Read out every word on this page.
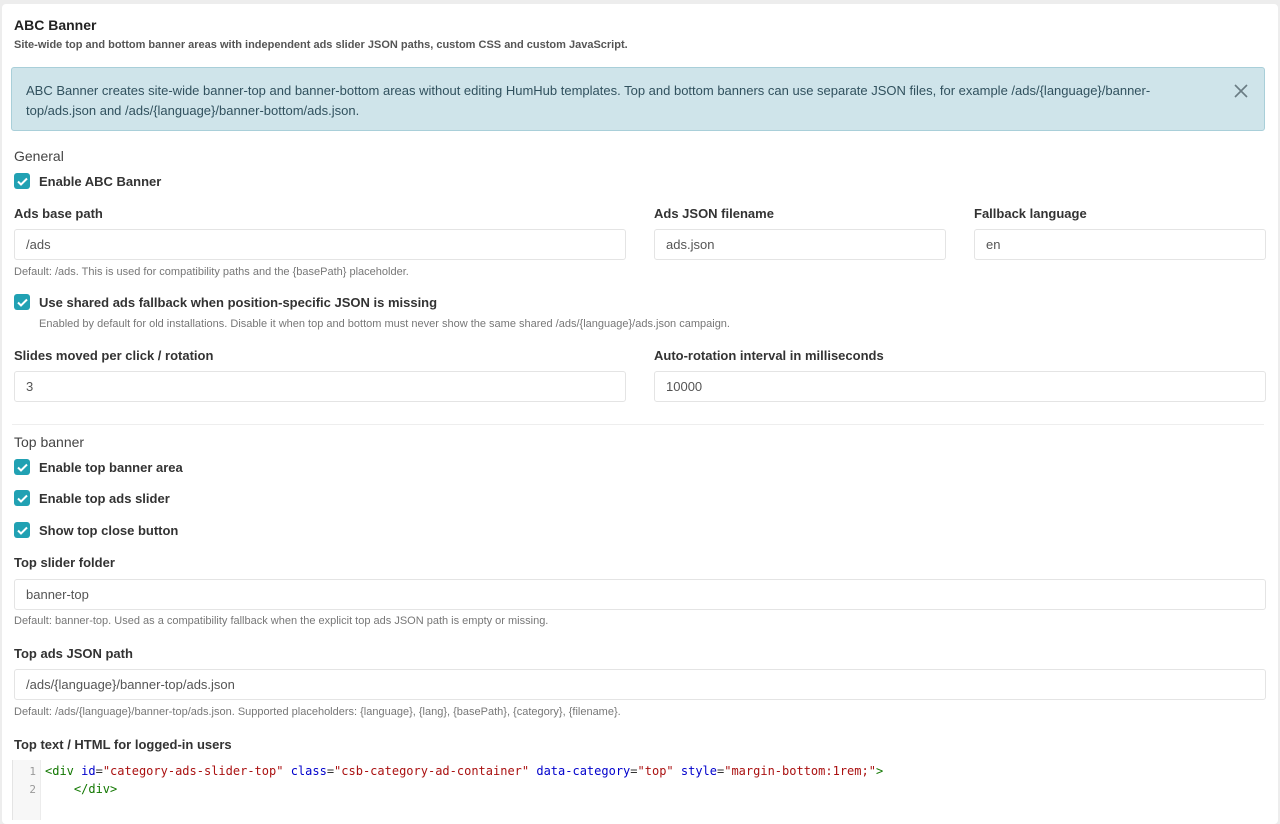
ABC Banner
Site-wide top and bottom banner areas with independent ads slider JSON paths, custom CSS and custom JavaScript.
ABC Banner creates site-wide banner-top and banner-bottom areas without editing HumHub templates. Top and bottom banners can use separate JSON files, for example /ads/{language}/banner-top/ads.json and /ads/{language}/banner-bottom/ads.json.
General
Enable ABC Banner
Ads base path
/ads
Default: /ads. This is used for compatibility paths and the {basePath} placeholder.
Ads JSON filename
ads.json	Fallback language
en
Use shared ads fallback when position-specific JSON is missing
Enabled by default for old installations. Disable it when top and bottom must never show the same shared /ads/{language}/ads.json campaign.
Slides moved per click / rotation
3	Auto-rotation interval in milliseconds
10000
Top banner
Enable top banner area
Enable top ads slider
Show top close button
Top slider folder
banner-top
Default: banner-top. Used as a compatibility fallback when the explicit top ads JSON path is empty or missing.
Top ads JSON path
/ads/{language}/banner-top/ads.json
Default: /ads/{language}/banner-top/ads.json. Supported placeholders: {language}, {lang}, {basePath}, {category}, {filename}.
Top text / HTML for logged-in users
1
2
<div id="category-ads-slider-top" class="csb-category-ad-container" data-category="top" style="margin-bottom:1rem;">
</div>
